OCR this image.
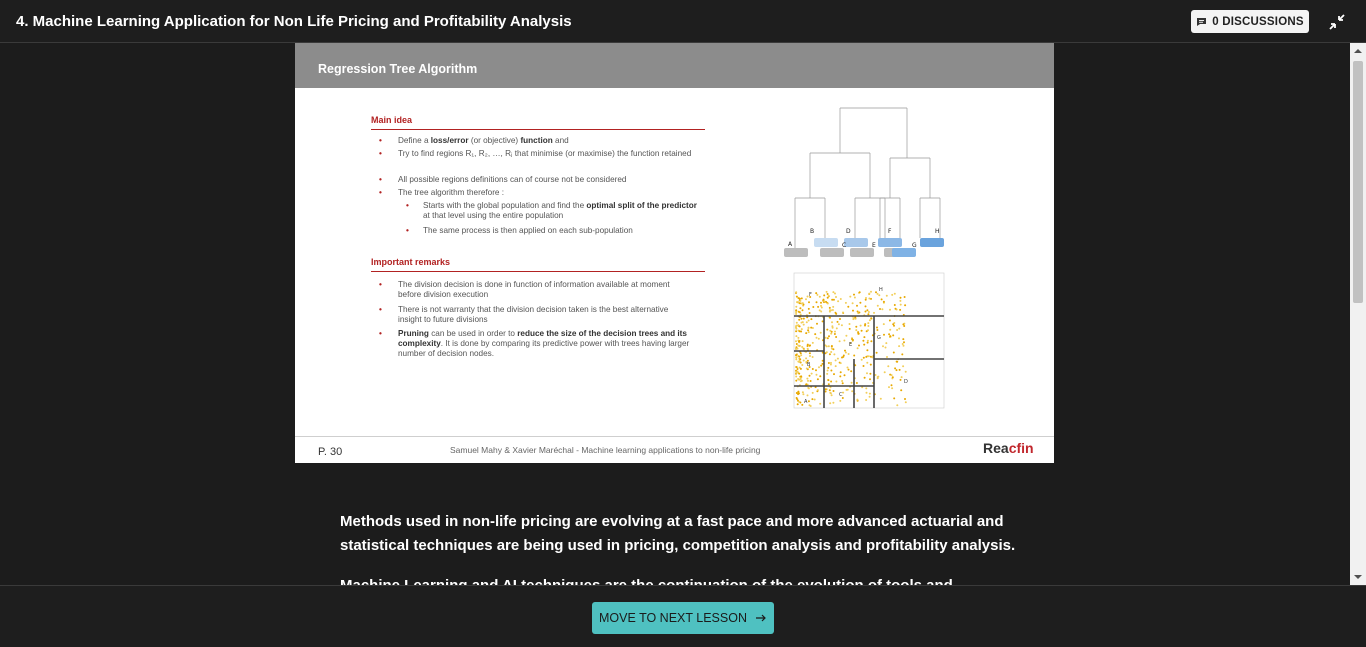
4. Machine Learning Application for Non Life Pricing and Profitability Analysis	0 DISCUSSIONS
Regression Tree Algorithm
Main idea
• Define a loss/error (or objective) function and
• Try to find regions R₁, R₂, …, Rⱼ that minimise (or maximise) the function retained
• All possible regions definitions can of course not be considered
• The tree algorithm therefore :
• Starts with the global population and find the optimal split of the predictor at that level using the entire population
• The same process is then applied on each sub-population
Important remarks
• The division decision is done in function of information available at moment before division execution
• There is not warranty that the division decision taken is the best alternative insight to future divisions
• Pruning can be used in order to reduce the size of the decision trees and its complexity. It is done by comparing its predictive power with trees having larger number of decision nodes.
A
B
C
D
E
F
G
H
A
B
C
D
E
F
G
H
P. 30	Samuel Mahy & Xavier Maréchal - Machine learning applications to non-life pricing	Reacfin
Methods used in non-life pricing are evolving at a fast pace and more advanced actuarial and statistical techniques are being used in pricing, competition analysis and profitability analysis.
MOVE TO NEXT LESSON
